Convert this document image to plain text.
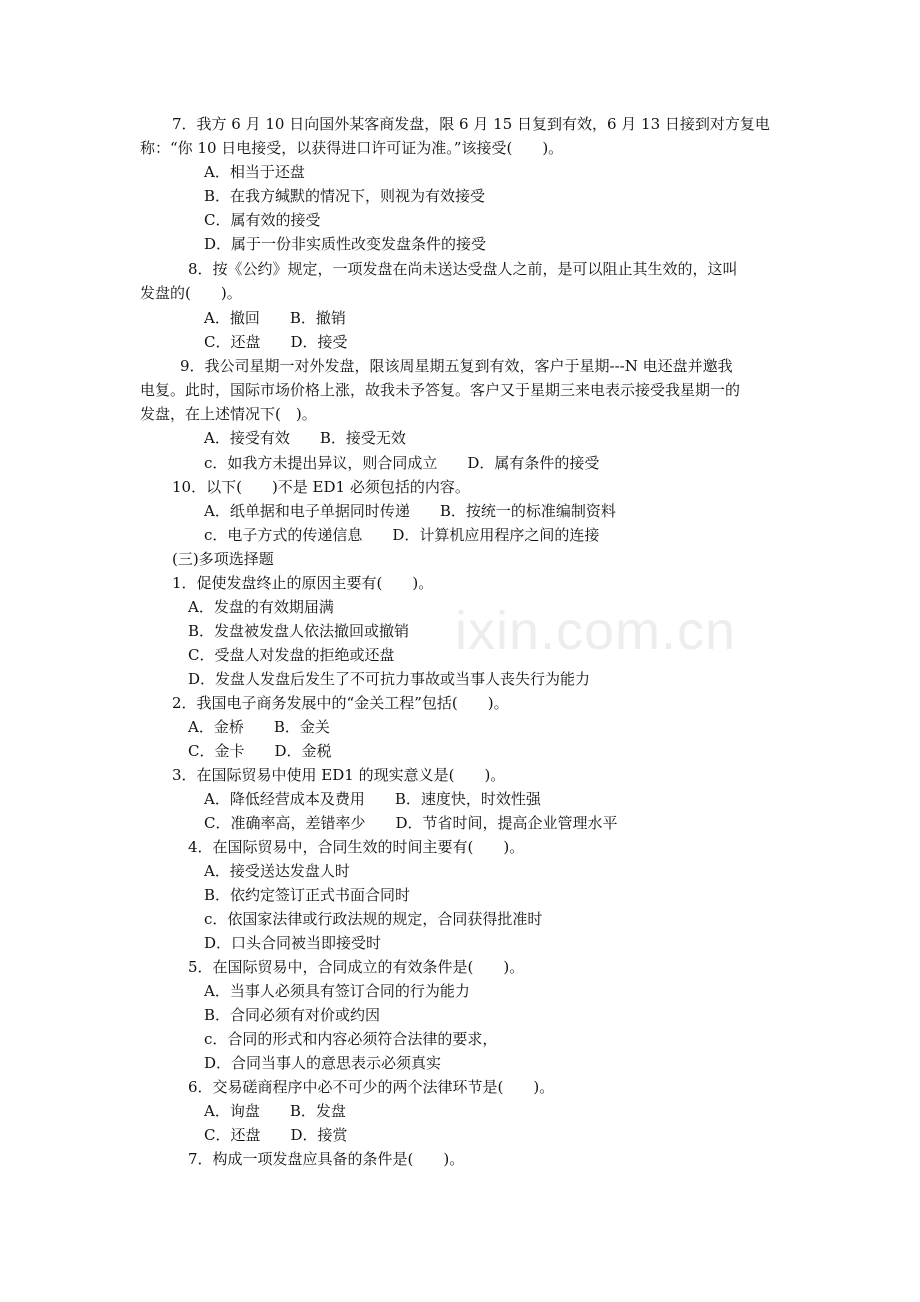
ixin.com.cn
7．我方 6 月 10 日向国外某客商发盘，限 6 月 15 日复到有效，6 月 13 日接到对方复电
称：“你 10 日电接受，以获得进口许可证为准。”该接受(　　)。
A．相当于还盘
B．在我方缄默的情况下，则视为有效接受
C．属有效的接受
D．属于一份非实质性改变发盘条件的接受
8．按《公约》规定，一项发盘在尚未送达受盘人之前，是可以阻止其生效的，这叫
发盘的(　　)。
A．撤回　　B．撤销
C．还盘　　D．接受
9．我公司星期一对外发盘，限该周星期五复到有效，客户于星期---N 电还盘并邀我
电复。此时，国际市场价格上涨，故我未予答复。客户又于星期三来电表示接受我星期一的
发盘，在上述情况下(　)。
A．接受有效　　B．接受无效
c．如我方未提出异议，则合同成立　　D．属有条件的接受
10．以下(　　)不是 ED1 必须包括的内容。
A．纸单据和电子单据同时传递　　B．按统一的标准编制资料
c．电子方式的传递信息　　D．计算机应用程序之间的连接
(三)多项选择题
1．促使发盘终止的原因主要有(　　)。
A．发盘的有效期届满
B．发盘被发盘人依法撤回或撤销
C．受盘人对发盘的拒绝或还盘
D．发盘人发盘后发生了不可抗力事故或当事人丧失行为能力
2．我国电子商务发展中的“金关工程”包括(　　)。
A．金桥　　B．金关
C．金卡　　D．金税
3．在国际贸易中使用 ED1 的现实意义是(　　)。
A．降低经营成本及费用　　B．速度快，时效性强
C．准确率高，差错率少　　D．节省时间，提高企业管理水平
4．在国际贸易中，合同生效的时间主要有(　　)。
A．接受送达发盘人时
B．依约定签订正式书面合同时
c．依国家法律或行政法规的规定，合同获得批准时
D．口头合同被当即接受时
5．在国际贸易中，合同成立的有效条件是(　　)。
A．当事人必须具有签订合同的行为能力
B．合同必须有对价或约因
c．合同的形式和内容必须符合法律的要求，
D．合同当事人的意思表示必须真实
6．交易磋商程序中必不可少的两个法律环节是(　　)。
A．询盘　　B．发盘
C．还盘　　D．接赏
7．构成一项发盘应具备的条件是(　　)。
